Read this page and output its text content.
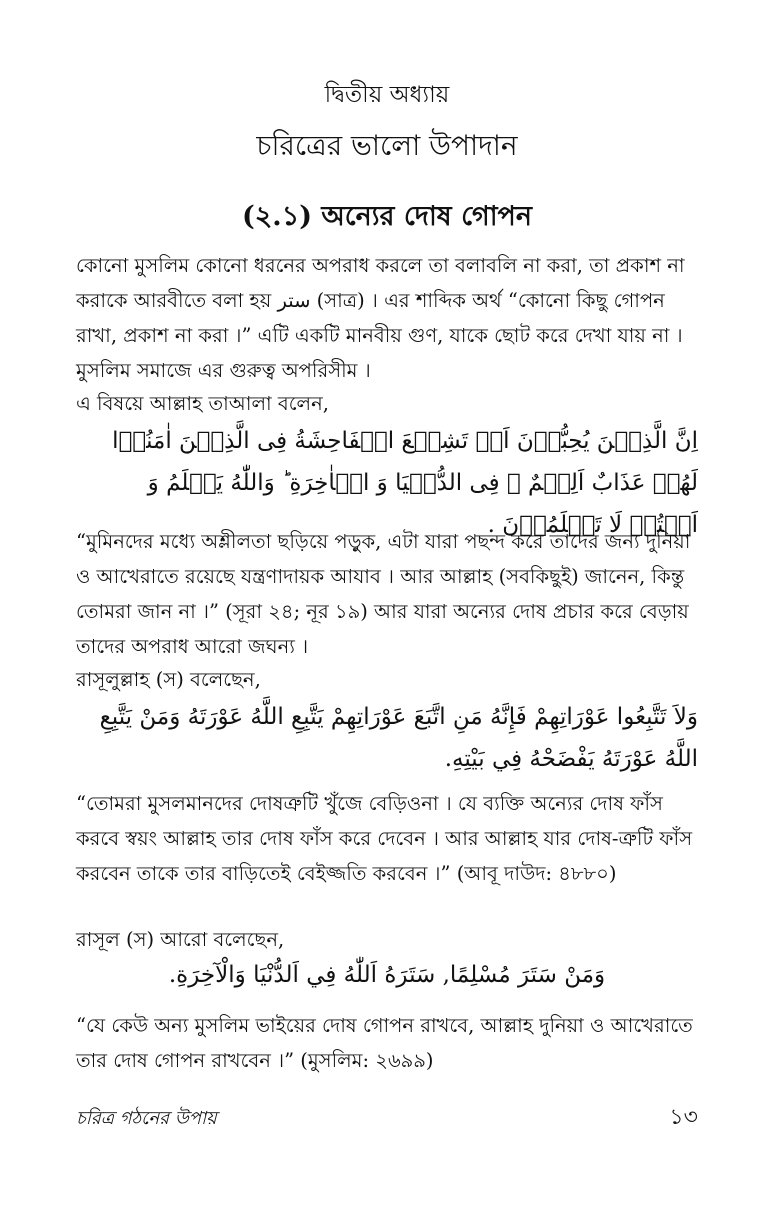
দ্বিতীয় অধ্যায়
চরিত্রের ভালো উপাদান
(২.১) অন্যের দোষ গোপন

কোনো মুসলিম কোনো ধরনের অপরাধ করলে তা বলাবলি না করা, তা প্রকাশ না করাকে আরবীতে বলা হয় ستر (সাত্র) । এর শাব্দিক অর্থ “কোনো কিছু গোপন রাখা, প্রকাশ না করা ।” এটি একটি মানবীয় গুণ, যাকে ছোট করে দেখা যায় না । মুসলিম সমাজে এর গুরুত্ব অপরিসীম ।

এ বিষয়ে আল্লাহ তাআলা বলেন,

اِنَّ الَّذِيۡنَ يُحِبُّوۡنَ اَنۡ تَشِيۡعَ الۡفَاحِشَةُ فِى الَّذِيۡنَ اٰمَنُوۡا لَهُمۡ عَذَابٌ اَلِيۡمٌ ۙ فِى الدُّنۡيَا وَ الۡاٰخِرَةِ‌ ؕ وَاللّٰهُ يَعۡلَمُ وَ اَنۡتُمۡ لَا تَعۡلَمُوۡنَ ‏.

“মুমিনদের মধ্যে অশ্লীলতা ছড়িয়ে পড়ুক, এটা যারা পছন্দ করে তাদের জন্য দুনিয়া ও আখেরাতে রয়েছে যন্ত্রণাদায়ক আযাব । আর আল্লাহ (সবকিছুই) জানেন, কিন্তু তোমরা জান না ।” (সূরা ২৪; নূর ১৯) আর যারা অন্যের দোষ প্রচার করে বেড়ায় তাদের অপরাধ আরো জঘন্য ।

রাসূলুল্লাহ (স) বলেছেন,

وَلاَ تَتَّبِعُوا عَوْرَاتِهِمْ فَإِنَّهُ مَنِ اتَّبَعَ عَوْرَاتِهِمْ يَتَّبِعِ اللَّهُ عَوْرَتَهُ وَمَنْ يَتَّبِعِ اللَّهُ عَوْرَتَهُ يَفْضَحْهُ فِي بَيْتِهِ.

“তোমরা মুসলমানদের দোষত্রুটি খুঁজে বেড়িওনা । যে ব্যক্তি অন্যের দোষ ফাঁস করবে স্বয়ং আল্লাহ তার দোষ ফাঁস করে দেবেন । আর আল্লাহ যার দোষ-ত্রুটি ফাঁস করবেন তাকে তার বাড়িতেই বেইজ্জতি করবেন ।” (আবূ দাউদ: ৪৮৮০)

রাসূল (স) আরো বলেছেন,

وَمَنْ سَتَرَ مُسْلِمًا, سَتَرَهُ اَللّٰهُ فِي اَلدُّنْيَا وَالْآخِرَةِ.

“যে কেউ অন্য মুসলিম ভাইয়ের দোষ গোপন রাখবে, আল্লাহ দুনিয়া ও আখেরাতে তার দোষ গোপন রাখবেন ।” (মুসলিম: ২৬৯৯)

চরিত্র গঠনের উপায়	১৩
